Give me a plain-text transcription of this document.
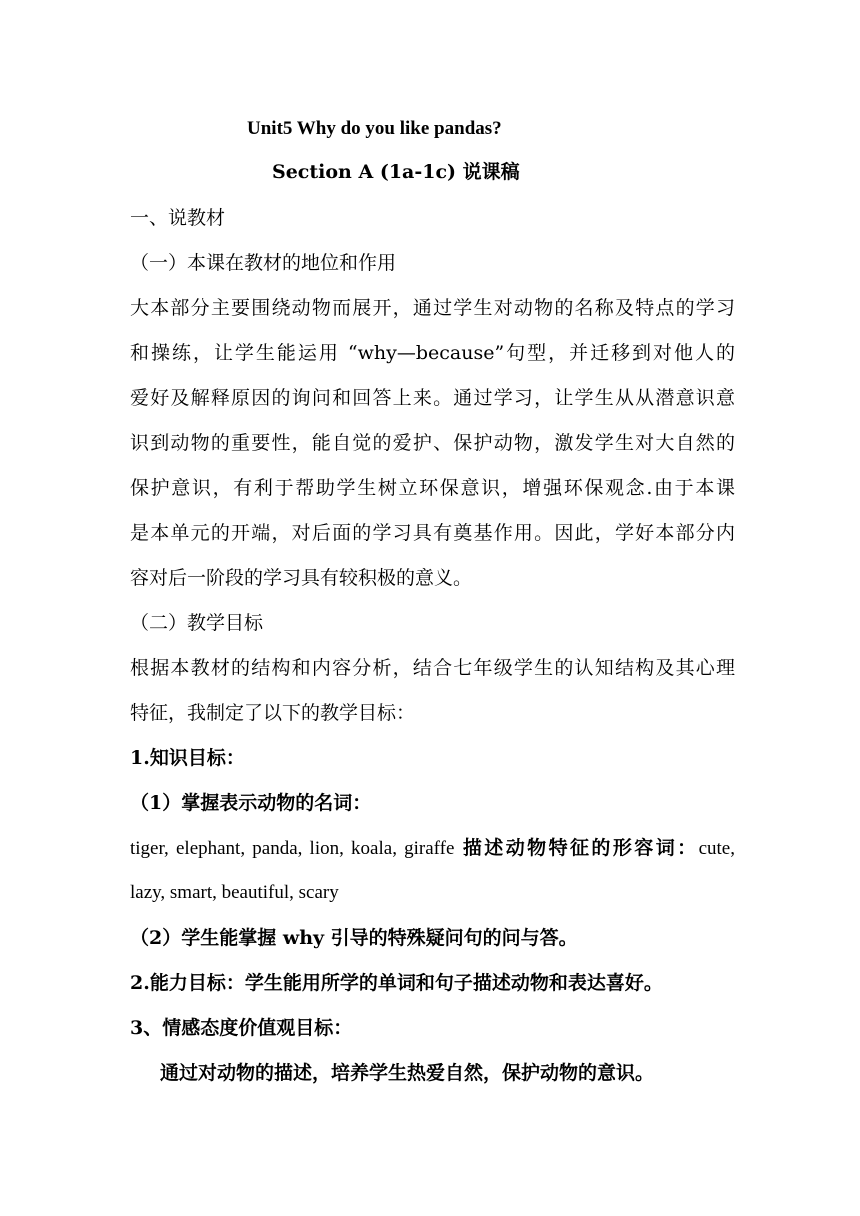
Unit5 Why do you like pandas?
Section A (1a-1c) 说课稿
一、说教材
（一）本课在教材的地位和作用
大本部分主要围绕动物而展开，通过学生对动物的名称及特点的学习
和操练，让学生能运用 “why—because”句型，并迁移到对他人的
爱好及解释原因的询问和回答上来。通过学习，让学生从从潜意识意
识到动物的重要性，能自觉的爱护、保护动物，激发学生对大自然的
保护意识，有利于帮助学生树立环保意识，增强环保观念.由于本课
是本单元的开端，对后面的学习具有奠基作用。因此，学好本部分内
容对后一阶段的学习具有较积极的意义。
（二）教学目标
根据本教材的结构和内容分析，结合七年级学生的认知结构及其心理
特征，我制定了以下的教学目标：
1.知识目标：
（1）掌握表示动物的名词：
tiger, elephant, panda, lion, koala, giraffe 描述动物特征的形容词：cute,
lazy, smart, beautiful, scary
（2）学生能掌握 why 引导的特殊疑问句的问与答。
2.能力目标：学生能用所学的单词和句子描述动物和表达喜好。
3、情感态度价值观目标：
通过对动物的描述，培养学生热爱自然，保护动物的意识。
